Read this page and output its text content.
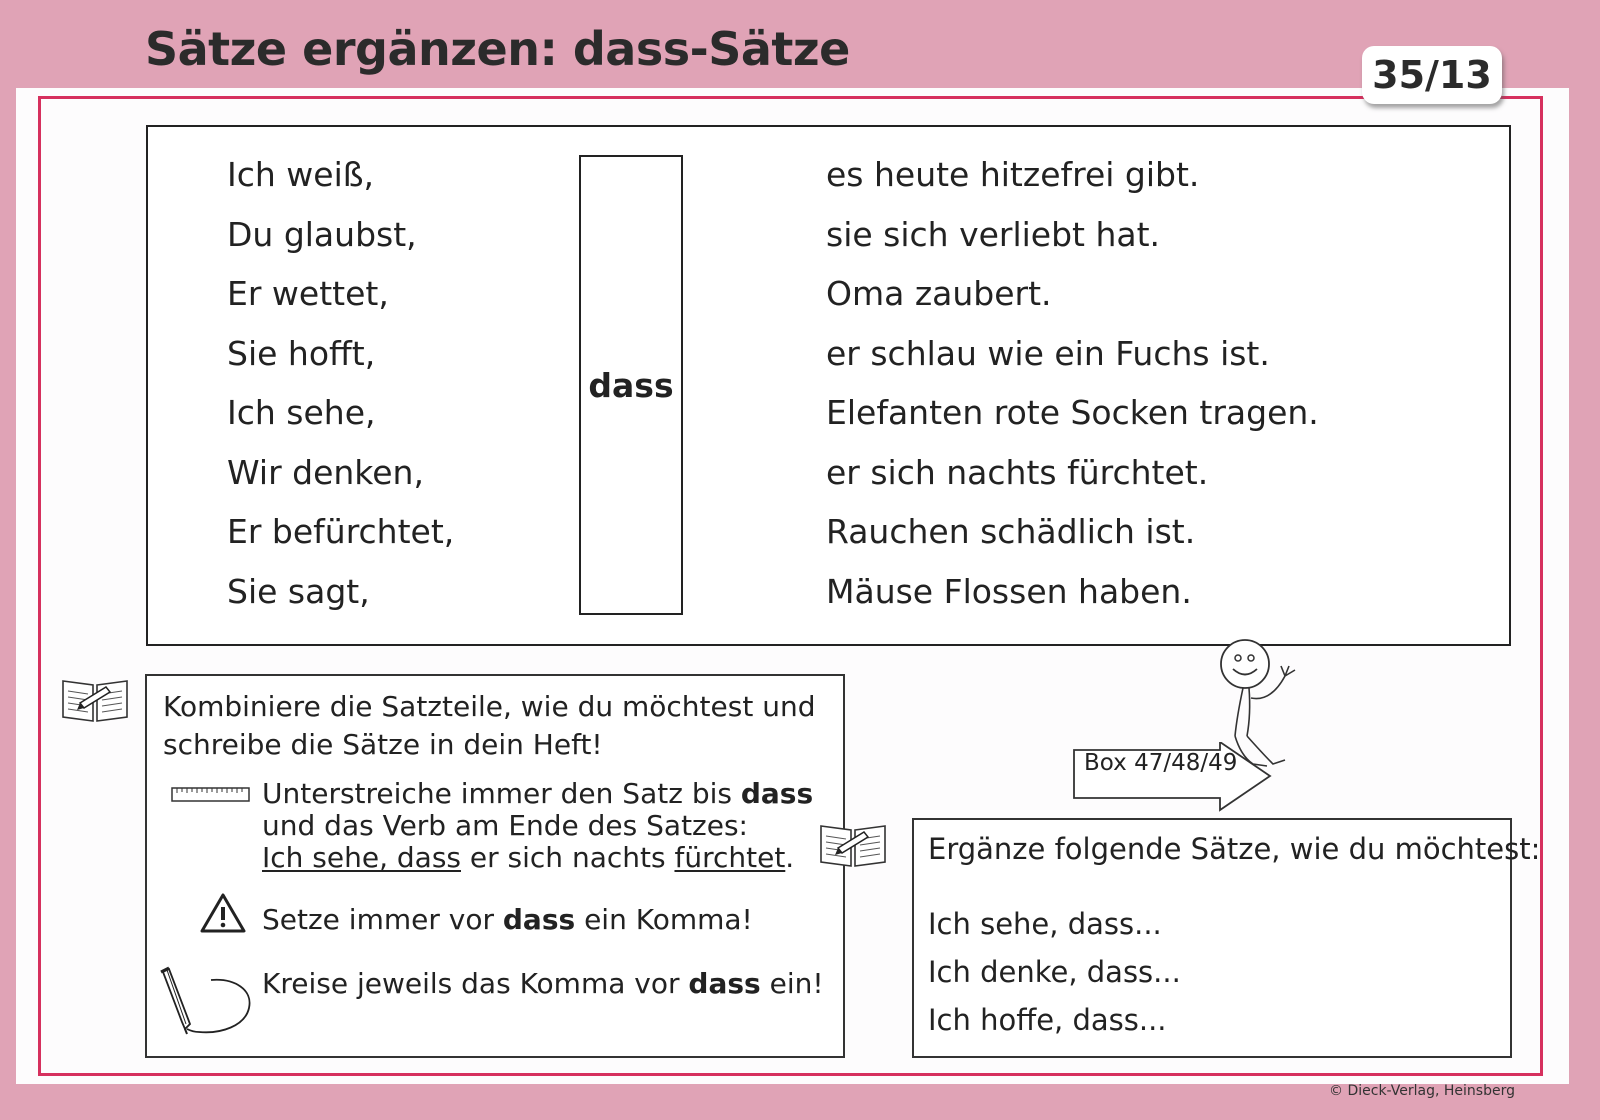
Sätze ergänzen: dass-Sätze
Ich weiß,
Du glaubst,
Er wettet,
Sie hofft,
Ich sehe,
Wir denken,
Er befürchtet,
Sie sagt,
dass
es heute hitzefrei gibt.
sie sich verliebt hat.
Oma zaubert.
er schlau wie ein Fuchs ist.
Elefanten rote Socken tragen.
er sich nachts fürchtet.
Rauchen schädlich ist.
Mäuse Flossen haben.
Kombiniere die Satzteile, wie du möchtest und
schreibe die Sätze in dein Heft!
Unterstreiche immer den Satz bis dass
und das Verb am Ende des Satzes:
Ich sehe, dass er sich nachts fürchtet.
Setze immer vor dass ein Komma!
Kreise jeweils das Komma vor dass ein!
Box 47/48/49
Ergänze folgende Sätze, wie du möchtest:
Ich sehe, dass...
Ich denke, dass...
Ich hoffe, dass...
35/13
© Dieck-Verlag, Heinsberg
